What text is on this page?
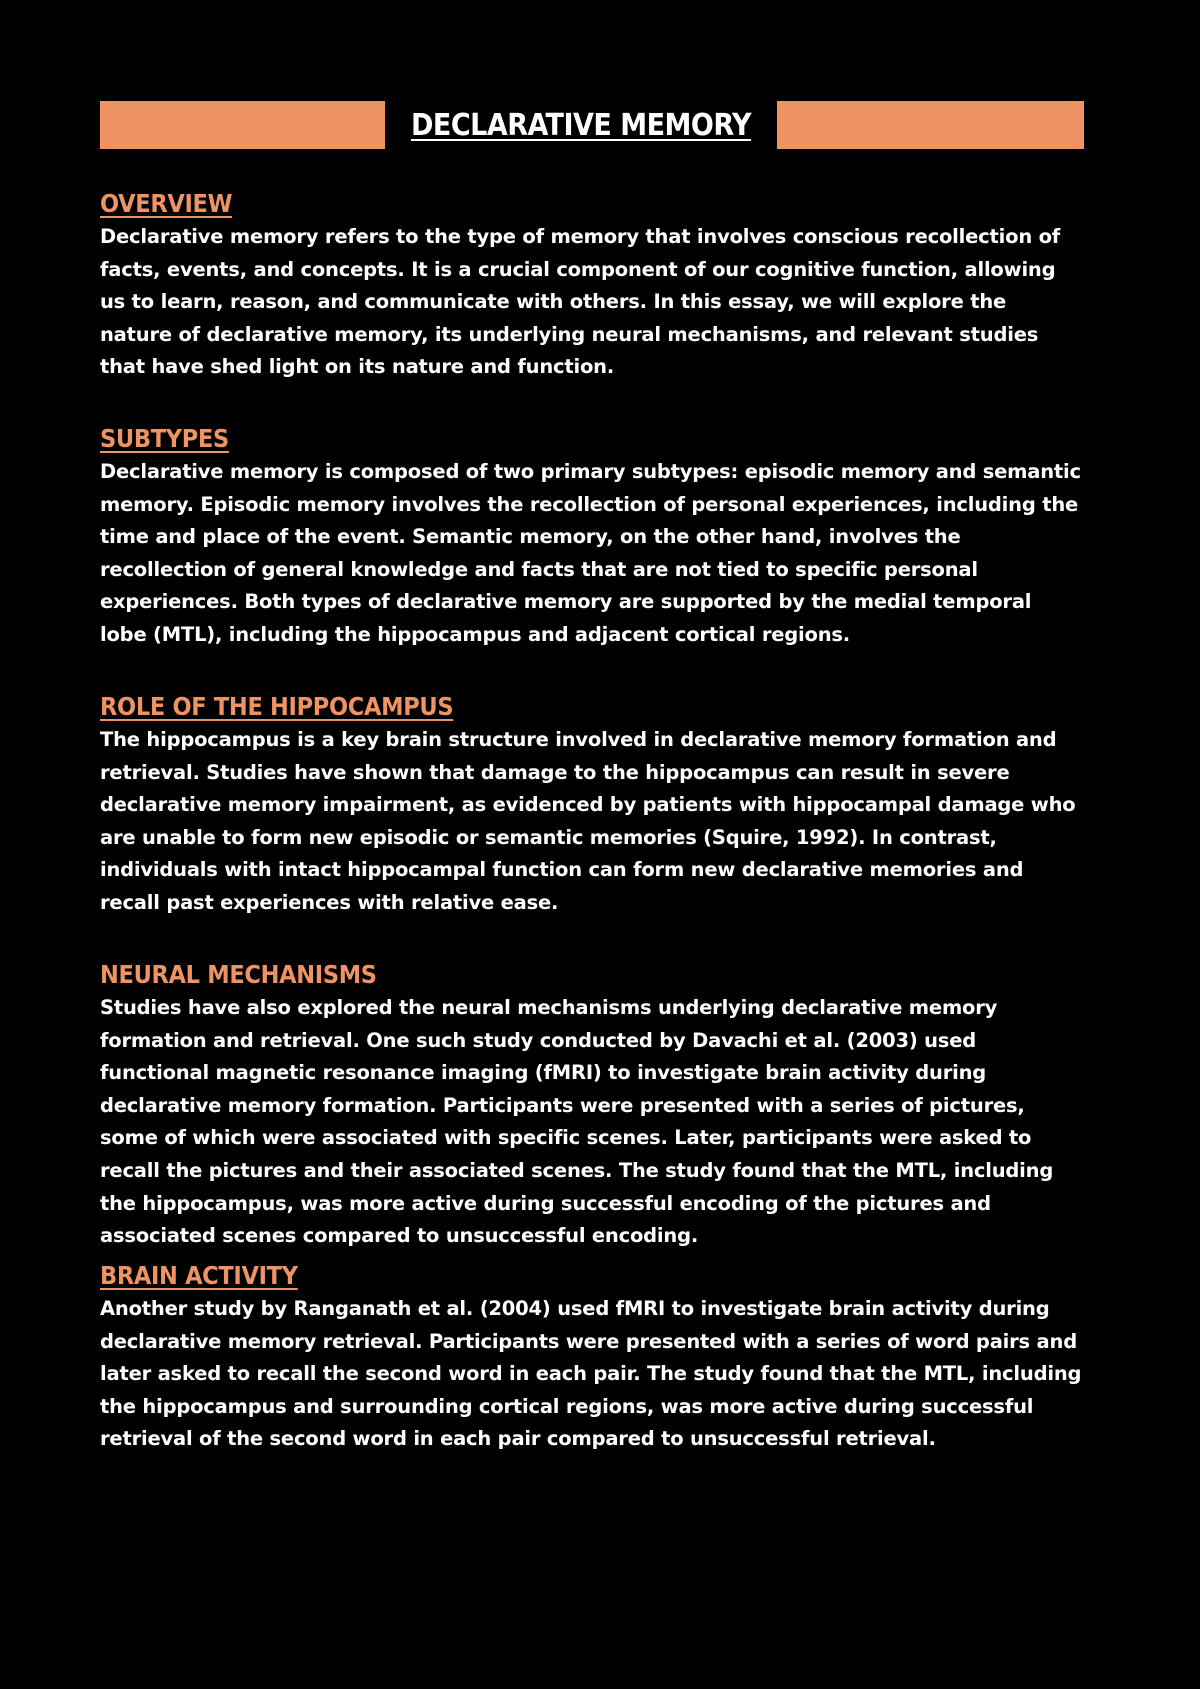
DECLARATIVE MEMORY
OVERVIEW

Declarative memory refers to the type of memory that involves conscious recollection of facts, events, and concepts. It is a crucial component of our cognitive function, allowing us to learn, reason, and communicate with others. In this essay, we will explore the nature of declarative memory, its underlying neural mechanisms, and relevant studies that have shed light on its nature and function.

SUBTYPES

Declarative memory is composed of two primary subtypes: episodic memory and semantic memory. Episodic memory involves the recollection of personal experiences, including the time and place of the event. Semantic memory, on the other hand, involves the recollection of general knowledge and facts that are not tied to specific personal experiences. Both types of declarative memory are supported by the medial temporal lobe (MTL), including the hippocampus and adjacent cortical regions.

ROLE OF THE HIPPOCAMPUS

The hippocampus is a key brain structure involved in declarative memory formation and retrieval. Studies have shown that damage to the hippocampus can result in severe declarative memory impairment, as evidenced by patients with hippocampal damage who are unable to form new episodic or semantic memories (Squire, 1992). In contrast, individuals with intact hippocampal function can form new declarative memories and recall past experiences with relative ease.

NEURAL MECHANISMS

Studies have also explored the neural mechanisms underlying declarative memory formation and retrieval. One such study conducted by Davachi et al. (2003) used functional magnetic resonance imaging (fMRI) to investigate brain activity during declarative memory formation. Participants were presented with a series of pictures, some of which were associated with specific scenes. Later, participants were asked to recall the pictures and their associated scenes. The study found that the MTL, including the hippocampus, was more active during successful encoding of the pictures and associated scenes compared to unsuccessful encoding.

BRAIN ACTIVITY

Another study by Ranganath et al. (2004) used fMRI to investigate brain activity during declarative memory retrieval. Participants were presented with a series of word pairs and later asked to recall the second word in each pair. The study found that the MTL, including the hippocampus and surrounding cortical regions, was more active during successful retrieval of the second word in each pair compared to unsuccessful retrieval.
